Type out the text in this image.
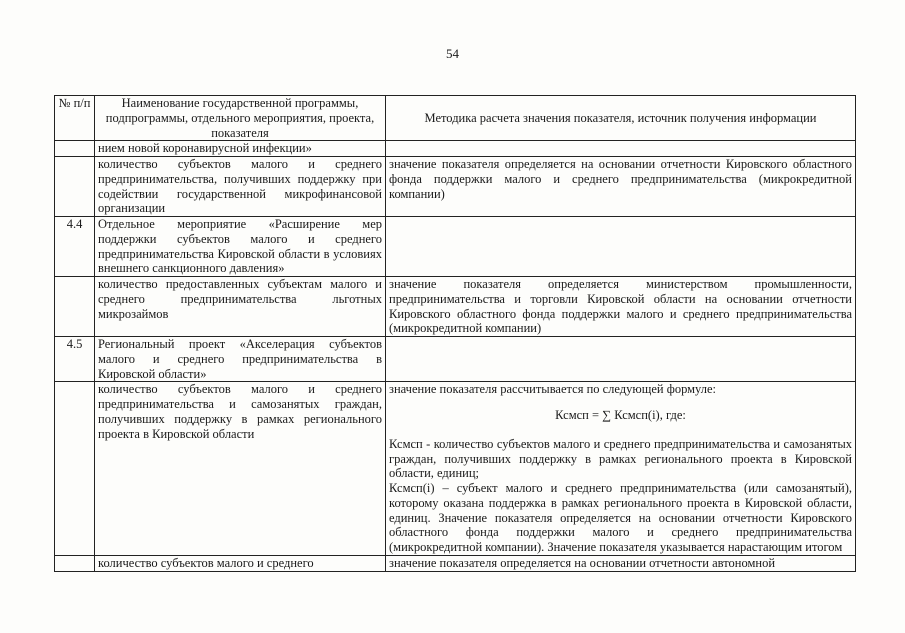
54
№ п/п	Наименование государственной программы, подпрограммы, отдельного мероприятия, проекта, показателя	Методика расчета значения показателя, источник получения информации
	нием новой коронавирусной инфекции»	
	количество субъектов малого и среднего предпринимательства, получивших поддержку при содействии государственной микрофинансовой организации	значение показателя определяется на основании отчетности Кировского областного фонда поддержки малого и среднего предпринимательства (микрокредитной компании)
4.4	Отдельное мероприятие «Расширение мер поддержки субъектов малого и среднего предпринимательства Кировской области в условиях внешнего санкционного давления»	
	количество предоставленных субъектам малого и среднего предпринимательства льготных микрозаймов	значение показателя определяется министерством промышленности, предпринимательства и торговли Кировской области на основании отчетности Кировского областного фонда поддержки малого и среднего предпринимательства (микрокредитной компании)
4.5	Региональный проект «Акселерация субъектов малого и среднего предпринимательства в Кировской области»	
	количество субъектов малого и среднего предпринимательства и самозанятых граждан, получивших поддержку в рамках регионального проекта в Кировской области	значение показателя рассчитывается по следующей формуле:

Ксмсп = ∑ Ксмсп(i), где:

Ксмсп - количество субъектов малого и среднего предпринимательства и самозанятых граждан, получивших поддержку в рамках регионального проекта в Кировской области, единиц;

Ксмсп(i) – субъект малого и среднего предпринимательства (или самозанятый), которому оказана поддержка в рамках регионального проекта в Кировской области, единиц. Значение показателя определяется на основании отчетности Кировского областного фонда поддержки малого и среднего предпринимательства (микрокредитной компании). Значение показателя указывается нарастающим итогом

	количество субъектов малого и среднего	значение показателя определяется на основании отчетности автономной
